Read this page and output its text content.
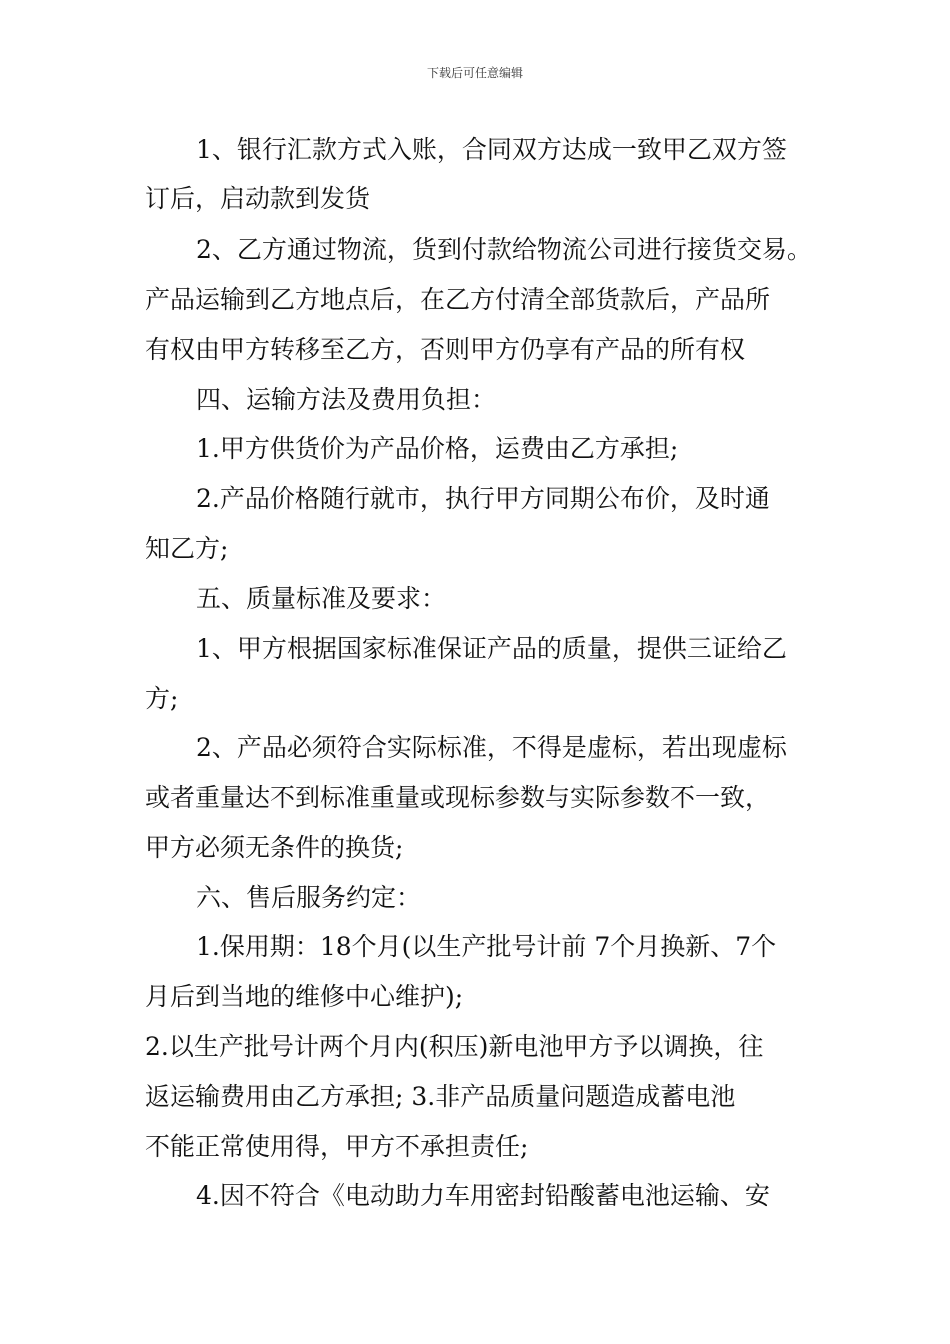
下载后可任意编辑
1、银行汇款方式入账，合同双方达成一致甲乙双方签
订后，启动款到发货
2、乙方通过物流，货到付款给物流公司进行接货交易。
产品运输到乙方地点后，在乙方付清全部货款后，产品所
有权由甲方转移至乙方，否则甲方仍享有产品的所有权
四、运输方法及费用负担：
1.甲方供货价为产品价格，运费由乙方承担;
2.产品价格随行就市，执行甲方同期公布价，及时通
知乙方;
五、质量标准及要求：
1、甲方根据国家标准保证产品的质量，提供三证给乙
方;
2、产品必须符合实际标准，不得是虚标，若出现虚标
或者重量达不到标准重量或现标参数与实际参数不一致，
甲方必须无条件的换货;
六、售后服务约定：
1.保用期：18个月(以生产批号计前 7个月换新、7个
月后到当地的维修中心维护);
2.以生产批号计两个月内(积压)新电池甲方予以调换，往
返运输费用由乙方承担; 3.非产品质量问题造成蓄电池
不能正常使用得，甲方不承担责任;
4.因不符合《电动助力车用密封铅酸蓄电池运输、安
